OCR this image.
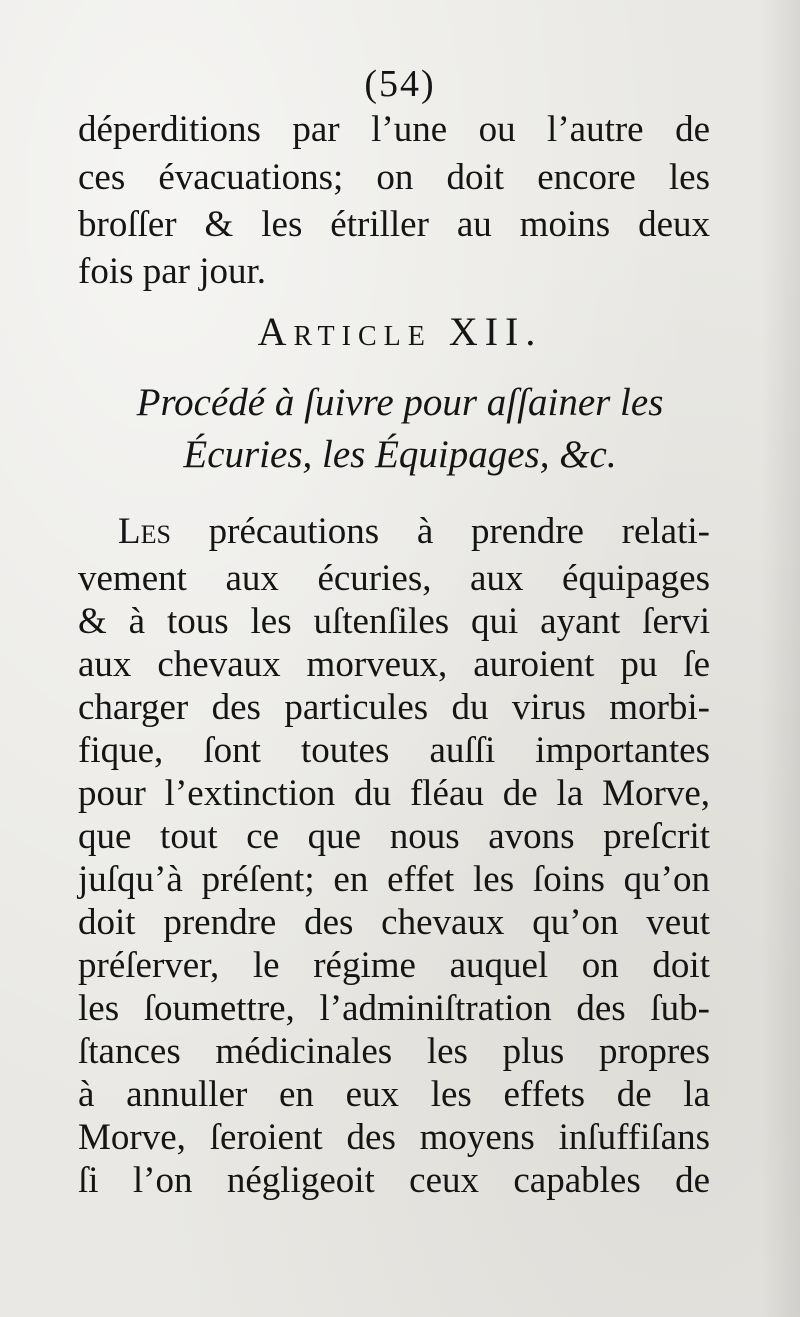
(54)
déperditions par l’une ou l’autre de
ces évacuations; on doit encore les
broſſer & les étriller au moins deux
fois par jour.
Article XII.
Procédé à ſuivre pour aſſainer les
Écuries, les Équipages, &c.
Les précautions à prendre relati-
vement aux écuries, aux équipages
& à tous les uſtenſiles qui ayant ſervi
aux chevaux morveux, auroient pu ſe
charger des particules du virus morbi-
fique, ſont toutes auſſi importantes
pour l’extinction du fléau de la Morve,
que tout ce que nous avons preſcrit
juſqu’à préſent; en effet les ſoins qu’on
doit prendre des chevaux qu’on veut
préſerver, le régime auquel on doit
les ſoumettre, l’adminiſtration des ſub-
ſtances médicinales les plus propres
à annuller en eux les effets de la
Morve, ſeroient des moyens inſuffiſans
ſi l’on négligeoit ceux capables de
